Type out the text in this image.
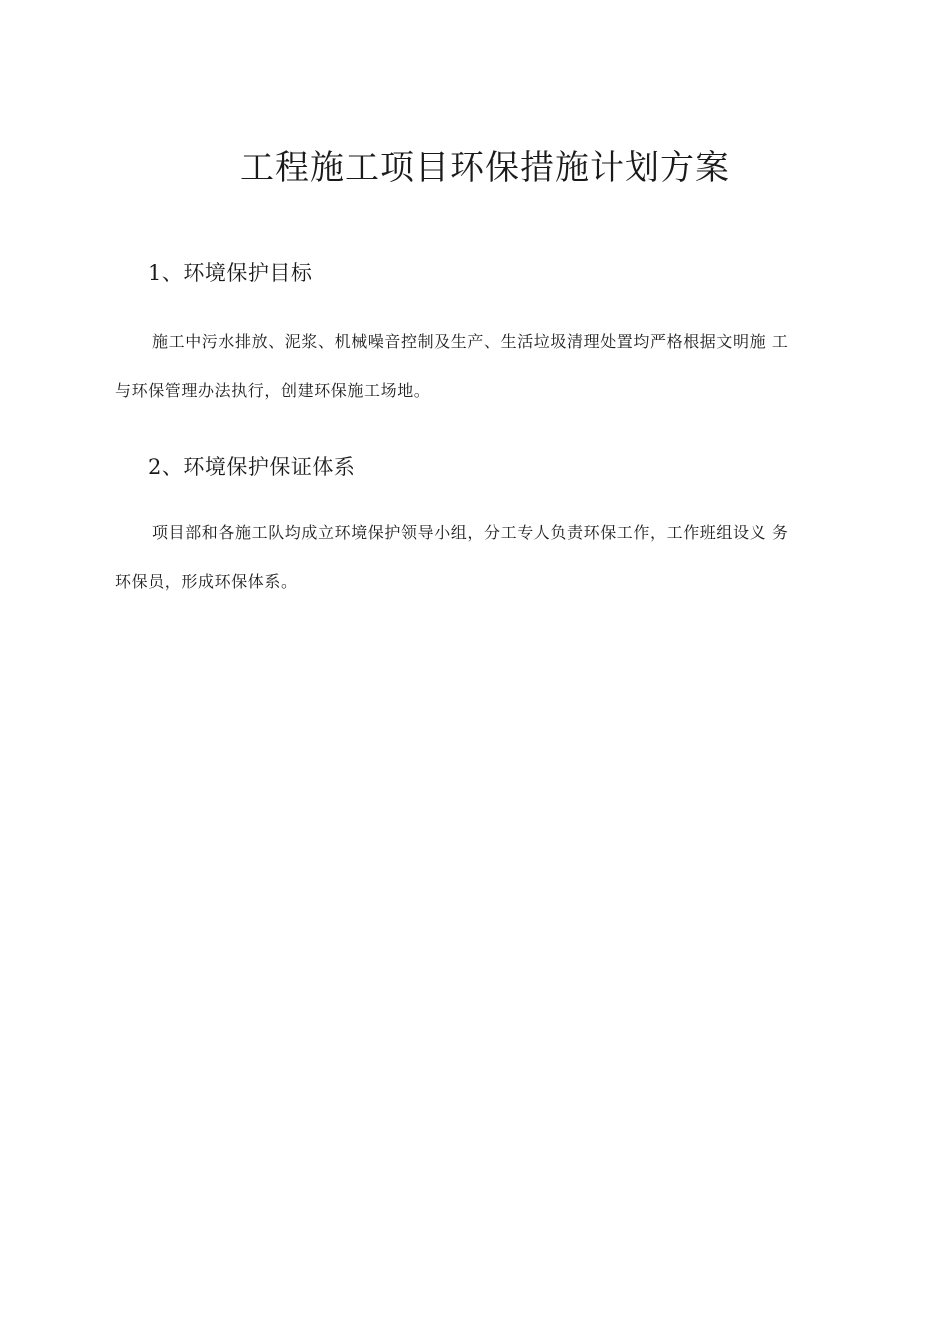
工程施工项目环保措施计划方案
1、环境保护目标

施工中污水排放、泥浆、机械噪音控制及生产、生活垃圾清理处置均严格根据文明施 工
与环保管理办法执行，创建环保施工场地。

2、环境保护保证体系

项目部和各施工队均成立环境保护领导小组，分工专人负责环保工作，工作班组设义 务
环保员，形成环保体系。
